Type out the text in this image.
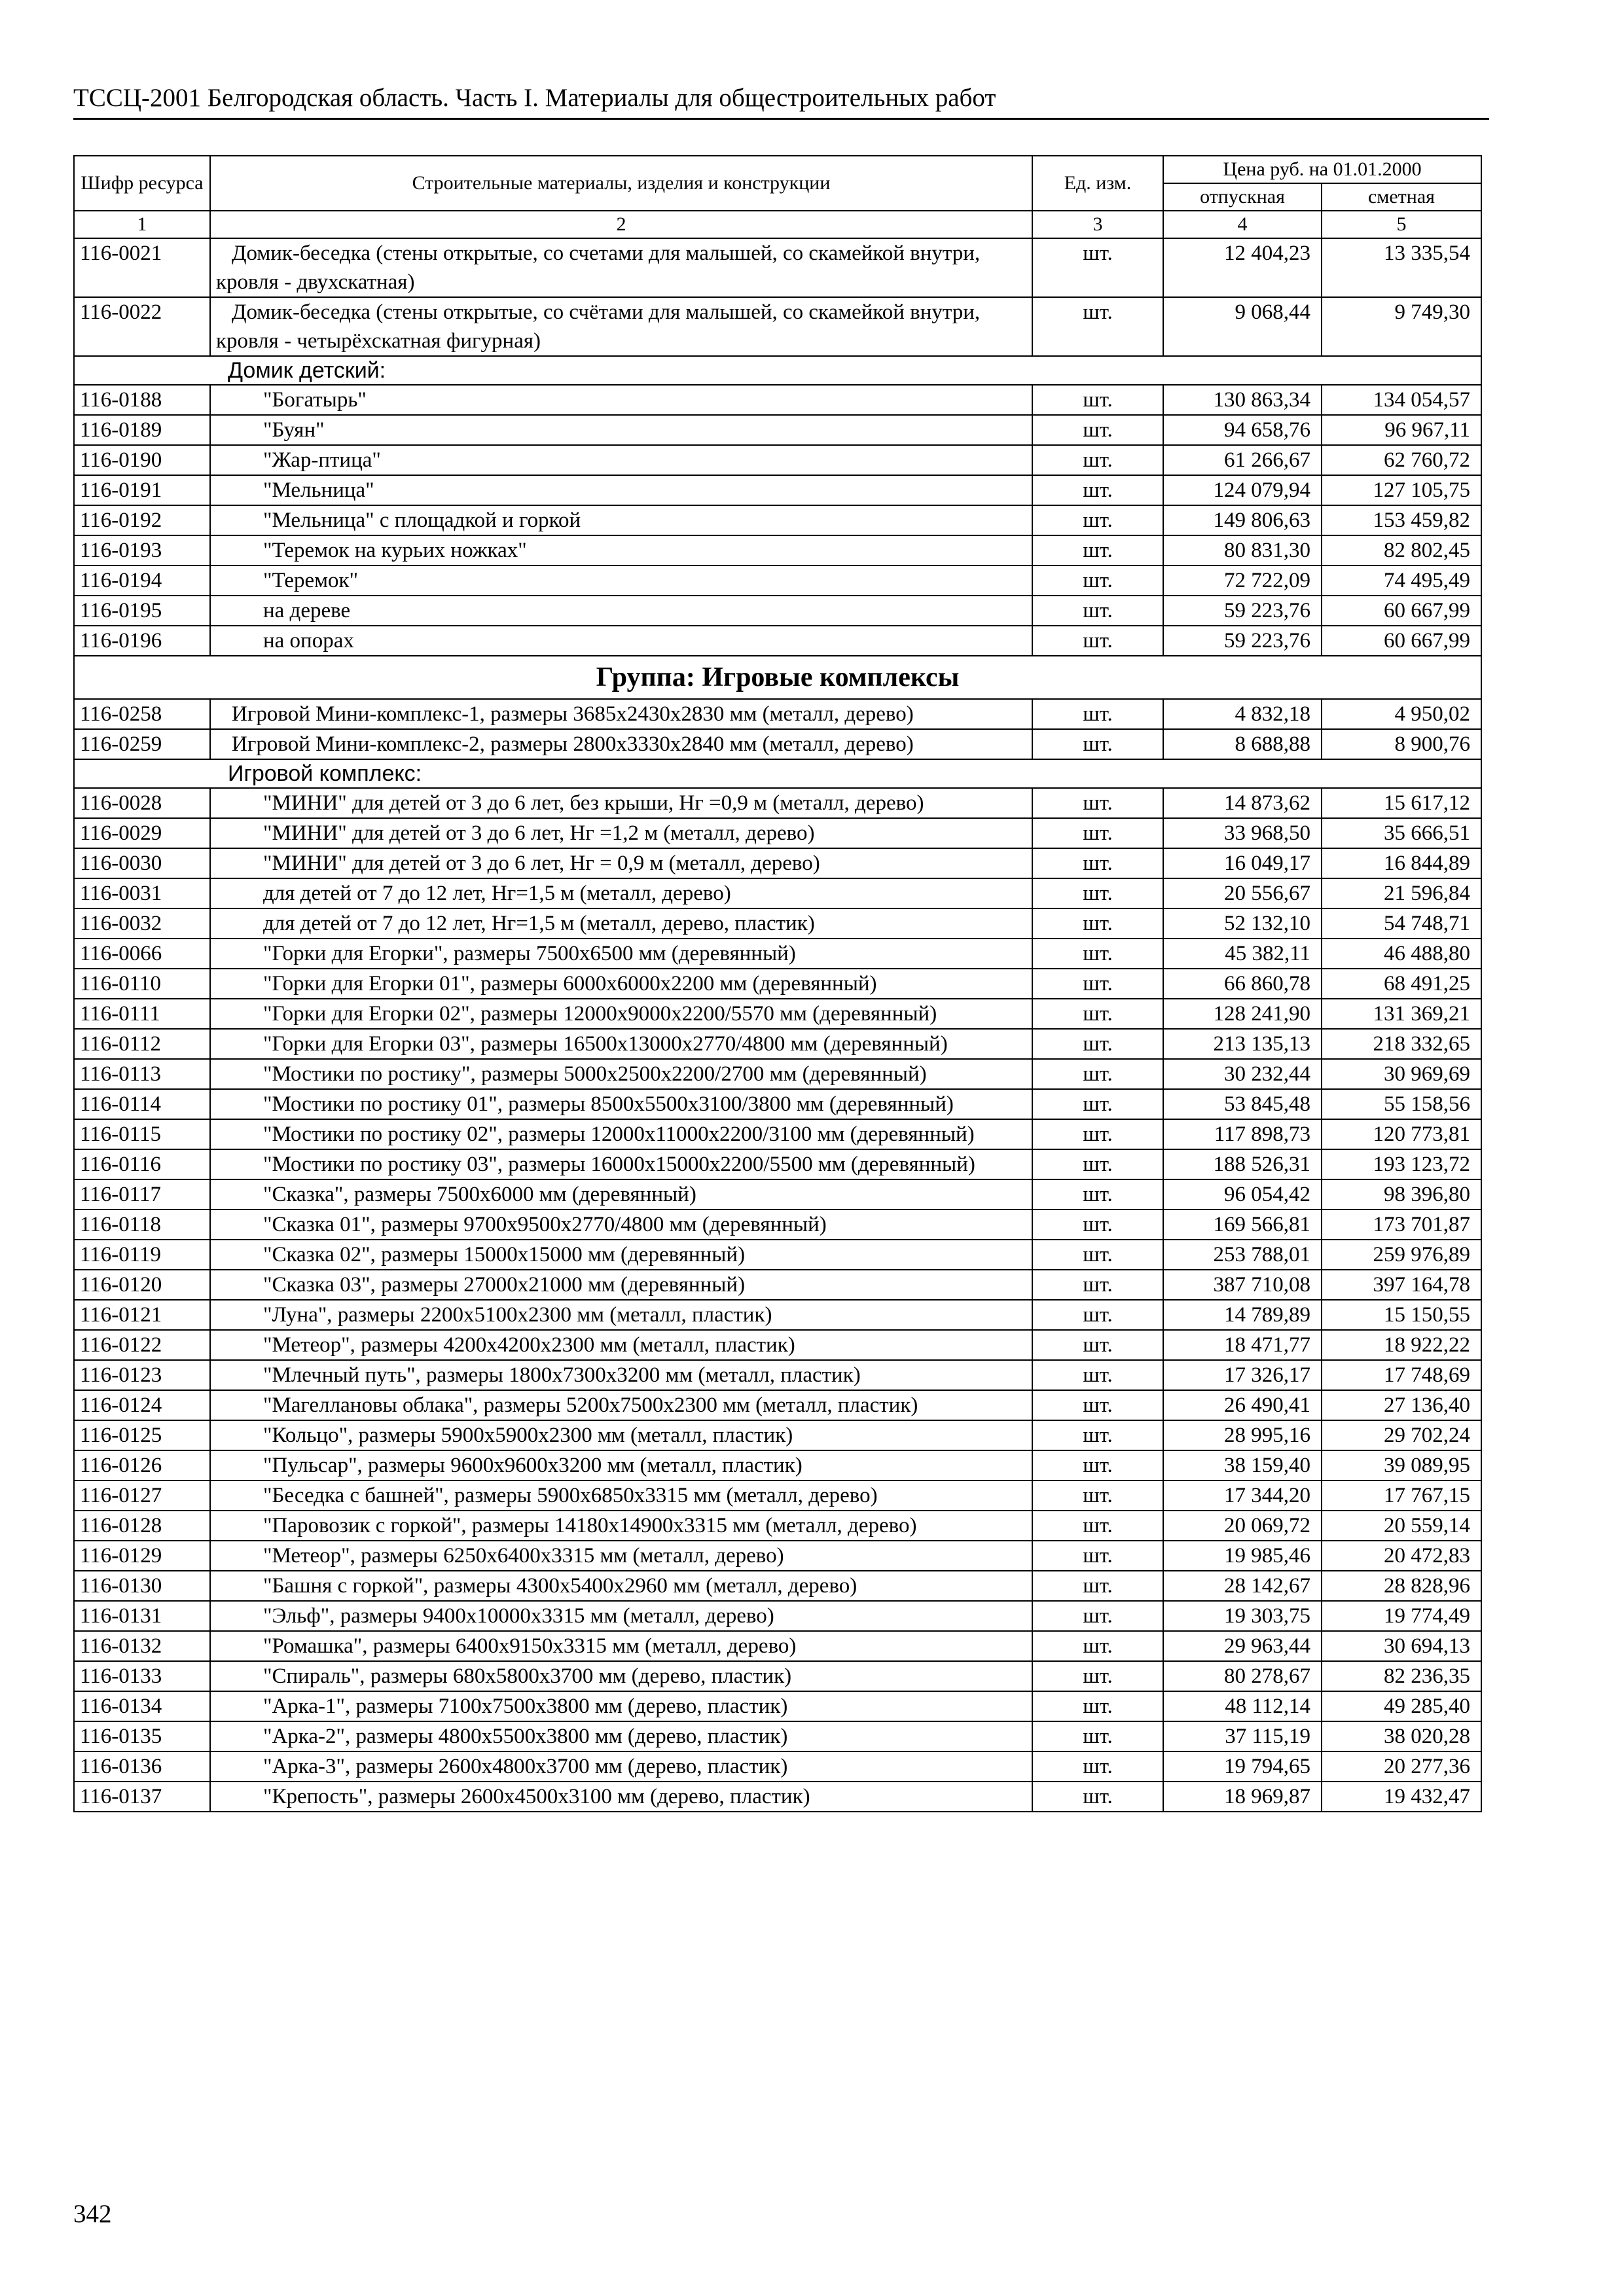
ТССЦ-2001 Белгородская область. Часть I. Материалы для общестроительных работ
Шифр ресурса	Строительные материалы, изделия и конструкции	Ед. изм.	Цена руб. на 01.01.2000	
			отпускная	сметная
1	2	3	4	5
116-0021	Домик-беседка (стены открытые, со счетами для малышей, со скамейкой внутри, кровля - двухскатная)	шт.	12 404,23	13 335,54
116-0022	Домик-беседка (стены открытые, со счётами для малышей, со скамейкой внутри, кровля - четырёхскатная фигурная)	шт.	9 068,44	9 749,30
Домик детский:				
116-0188	"Богатырь"	шт.	130 863,34	134 054,57
116-0189	"Буян"	шт.	94 658,76	96 967,11
116-0190	"Жар-птица"	шт.	61 266,67	62 760,72
116-0191	"Мельница"	шт.	124 079,94	127 105,75
116-0192	"Мельница" с площадкой и горкой	шт.	149 806,63	153 459,82
116-0193	"Теремок на курьих ножках"	шт.	80 831,30	82 802,45
116-0194	"Теремок"	шт.	72 722,09	74 495,49
116-0195	на дереве	шт.	59 223,76	60 667,99
116-0196	на опорах	шт.	59 223,76	60 667,99
Группа: Игровые комплексы				
116-0258	Игровой Мини-комплекс-1, размеры 3685х2430х2830 мм (металл, дерево)	шт.	4 832,18	4 950,02
116-0259	Игровой Мини-комплекс-2, размеры 2800х3330х2840 мм (металл, дерево)	шт.	8 688,88	8 900,76
Игровой комплекс:				
116-0028	"МИНИ" для детей от 3 до 6 лет, без крыши, Нг =0,9 м (металл, дерево)	шт.	14 873,62	15 617,12
116-0029	"МИНИ" для детей от 3 до 6 лет, Нг =1,2 м (металл, дерево)	шт.	33 968,50	35 666,51
116-0030	"МИНИ" для детей от 3 до 6 лет, Нг = 0,9 м (металл, дерево)	шт.	16 049,17	16 844,89
116-0031	для детей от 7 до 12 лет, Нг=1,5 м (металл, дерево)	шт.	20 556,67	21 596,84
116-0032	для детей от 7 до 12 лет, Нг=1,5 м (металл, дерево, пластик)	шт.	52 132,10	54 748,71
116-0066	"Горки для Егорки", размеры 7500х6500 мм (деревянный)	шт.	45 382,11	46 488,80
116-0110	"Горки для Егорки 01", размеры 6000х6000х2200 мм (деревянный)	шт.	66 860,78	68 491,25
116-0111	"Горки для Егорки 02", размеры 12000х9000х2200/5570 мм (деревянный)	шт.	128 241,90	131 369,21
116-0112	"Горки для Егорки 03", размеры 16500х13000х2770/4800 мм (деревянный)	шт.	213 135,13	218 332,65
116-0113	"Мостики по ростику", размеры 5000х2500х2200/2700 мм (деревянный)	шт.	30 232,44	30 969,69
116-0114	"Мостики по ростику 01", размеры 8500х5500х3100/3800 мм (деревянный)	шт.	53 845,48	55 158,56
116-0115	"Мостики по ростику 02", размеры 12000х11000х2200/3100 мм (деревянный)	шт.	117 898,73	120 773,81
116-0116	"Мостики по ростику 03", размеры 16000х15000х2200/5500 мм (деревянный)	шт.	188 526,31	193 123,72
116-0117	"Сказка", размеры 7500х6000 мм (деревянный)	шт.	96 054,42	98 396,80
116-0118	"Сказка 01", размеры 9700х9500х2770/4800 мм (деревянный)	шт.	169 566,81	173 701,87
116-0119	"Сказка 02", размеры 15000х15000 мм (деревянный)	шт.	253 788,01	259 976,89
116-0120	"Сказка 03", размеры 27000х21000 мм (деревянный)	шт.	387 710,08	397 164,78
116-0121	"Луна", размеры 2200х5100х2300 мм (металл, пластик)	шт.	14 789,89	15 150,55
116-0122	"Метеор", размеры 4200х4200х2300 мм (металл, пластик)	шт.	18 471,77	18 922,22
116-0123	"Млечный путь", размеры 1800х7300х3200 мм (металл, пластик)	шт.	17 326,17	17 748,69
116-0124	"Магеллановы облака", размеры 5200х7500х2300 мм (металл, пластик)	шт.	26 490,41	27 136,40
116-0125	"Кольцо", размеры 5900х5900х2300 мм (металл, пластик)	шт.	28 995,16	29 702,24
116-0126	"Пульсар", размеры 9600х9600х3200 мм (металл, пластик)	шт.	38 159,40	39 089,95
116-0127	"Беседка с башней", размеры 5900х6850х3315 мм (металл, дерево)	шт.	17 344,20	17 767,15
116-0128	"Паровозик с горкой", размеры 14180х14900х3315 мм (металл, дерево)	шт.	20 069,72	20 559,14
116-0129	"Метеор", размеры 6250х6400х3315 мм (металл, дерево)	шт.	19 985,46	20 472,83
116-0130	"Башня с горкой", размеры 4300х5400х2960 мм (металл, дерево)	шт.	28 142,67	28 828,96
116-0131	"Эльф", размеры 9400х10000х3315 мм (металл, дерево)	шт.	19 303,75	19 774,49
116-0132	"Ромашка", размеры 6400х9150х3315 мм (металл, дерево)	шт.	29 963,44	30 694,13
116-0133	"Спираль", размеры 680х5800х3700 мм (дерево, пластик)	шт.	80 278,67	82 236,35
116-0134	"Арка-1", размеры 7100х7500х3800 мм (дерево, пластик)	шт.	48 112,14	49 285,40
116-0135	"Арка-2", размеры 4800х5500х3800 мм (дерево, пластик)	шт.	37 115,19	38 020,28
116-0136	"Арка-3", размеры 2600х4800х3700 мм (дерево, пластик)	шт.	19 794,65	20 277,36
116-0137	"Крепость", размеры 2600х4500х3100 мм (дерево, пластик)	шт.	18 969,87	19 432,47
342
